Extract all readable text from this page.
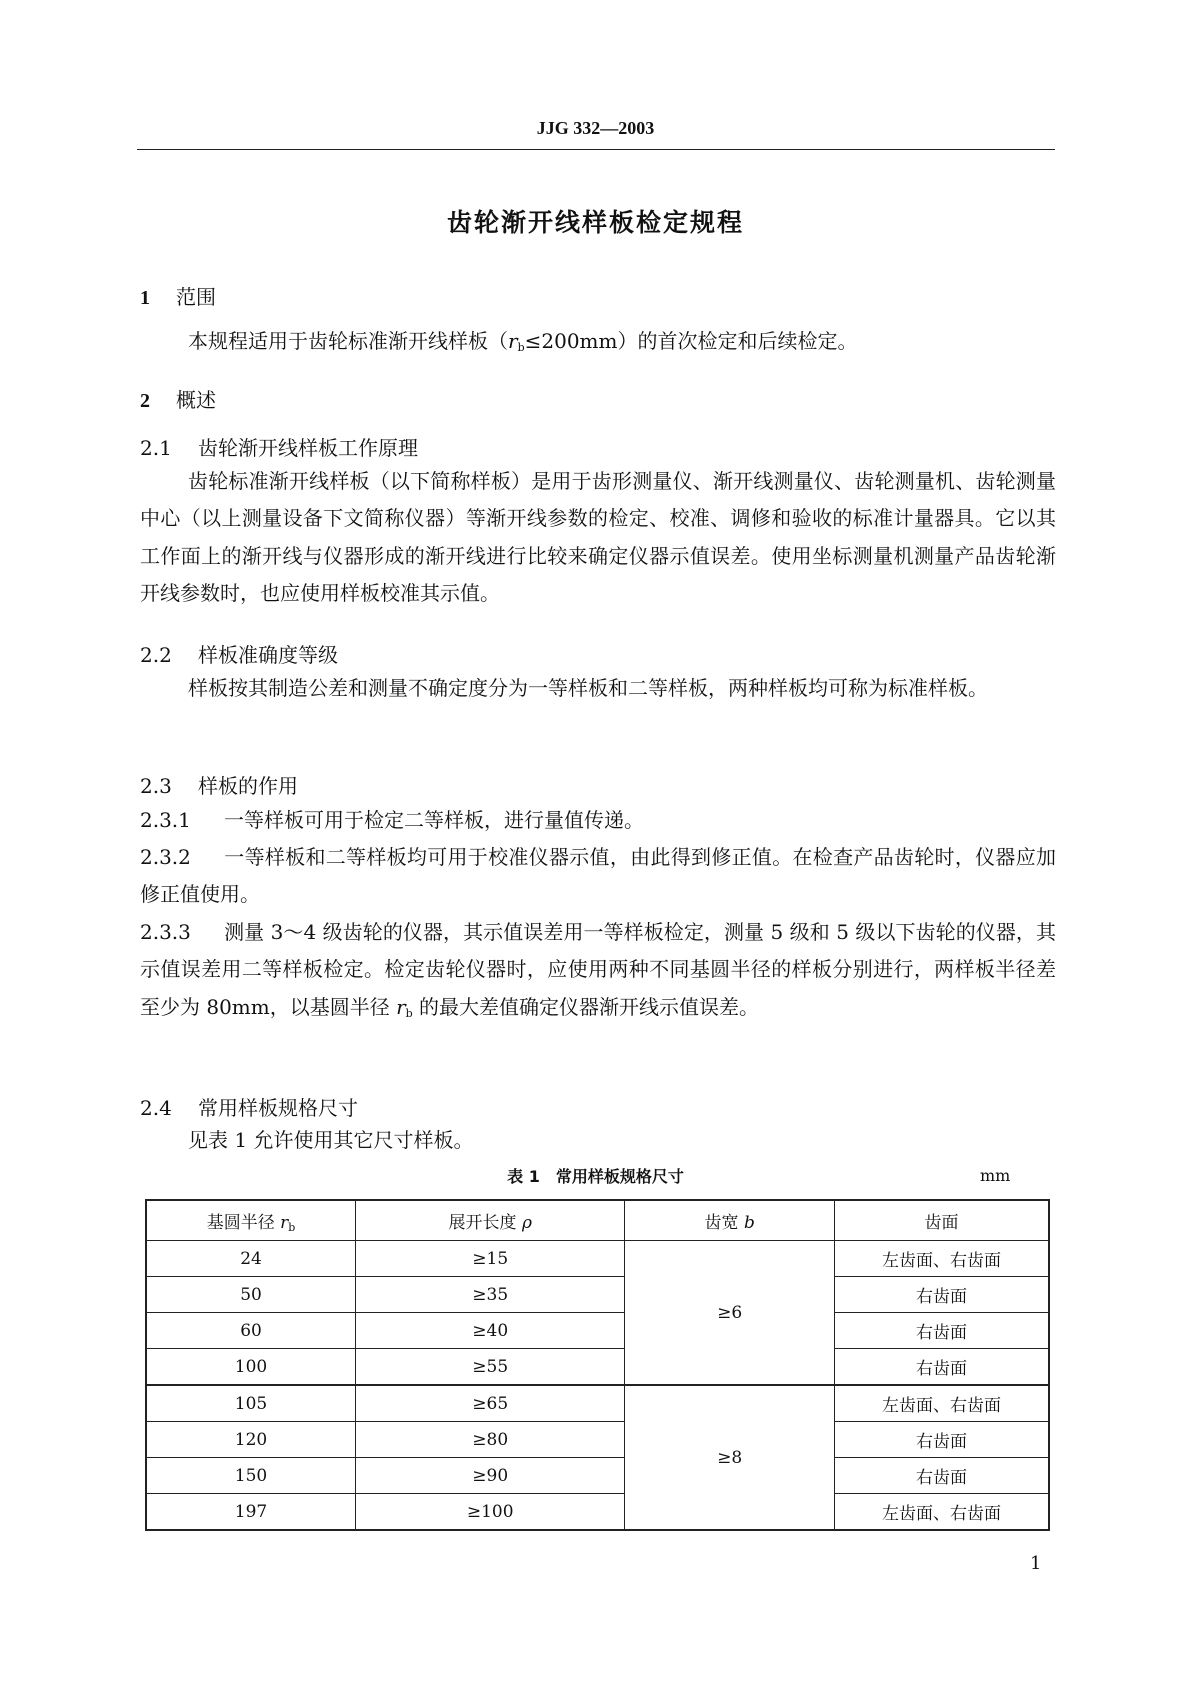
JJG 332—2003
齿轮渐开线样板检定规程
1 范围
本规程适用于齿轮标准渐开线样板$(r_b\le 200mm)$的首次检定和后续检定。
2 概述
2.1 齿轮渐开线样板工作原理
齿轮标准渐开线样板（以下简称样板）是用于齿形测量仪、渐开线测量仪、齿轮测量机、齿轮测量中心（以上测量设备下文简称仪器）等渐开线参数的检定、校准、调修和验收的标准计量器具。它以其工作面上的渐开线与仪器形成的渐开线进行比较来确定仪器示值误差。使用坐标测量机测量产品齿轮渐开线参数时，也应使用样板校准其示值。
2.2 样板准确度等级
样板按其制造公差和测量不确定度分为一等样板和二等样板，两种样板均可称为标准样板。
2.3 样板的作用
2.3.1 一等样板可用于检定二等样板，进行量值传递。
2.3.2 一等样板和二等样板均可用于校准仪器示值，由此得到修正值。在检查产品齿轮时，仪器应加修正值使用。
2.3.3 测量 3～4 级齿轮的仪器，其示值误差用一等样板检定，测量 5 级和 5 级以下齿轮的仪器，其示值误差用二等样板检定。检定齿轮仪器时，应使用两种不同基圆半径的样板分别进行，两样板半径差至少为 80mm，以基圆半径 $r_b$ 的最大差值确定仪器渐开线示值误差。
2.4 常用样板规格尺寸
见表 1 允许使用其它尺寸样板。
表 1　常用样板规格尺寸	mm
基圆半径 $r_b$	展开长度 ρ	齿宽 b	齿面
24	≥15	≥6	左齿面、右齿面
50	≥35		右齿面
60	≥40		右齿面
100	≥55		右齿面
105	≥65	≥8	左齿面、右齿面
120	≥80		右齿面
150	≥90		右齿面
197	≥100		左齿面、右齿面
1
